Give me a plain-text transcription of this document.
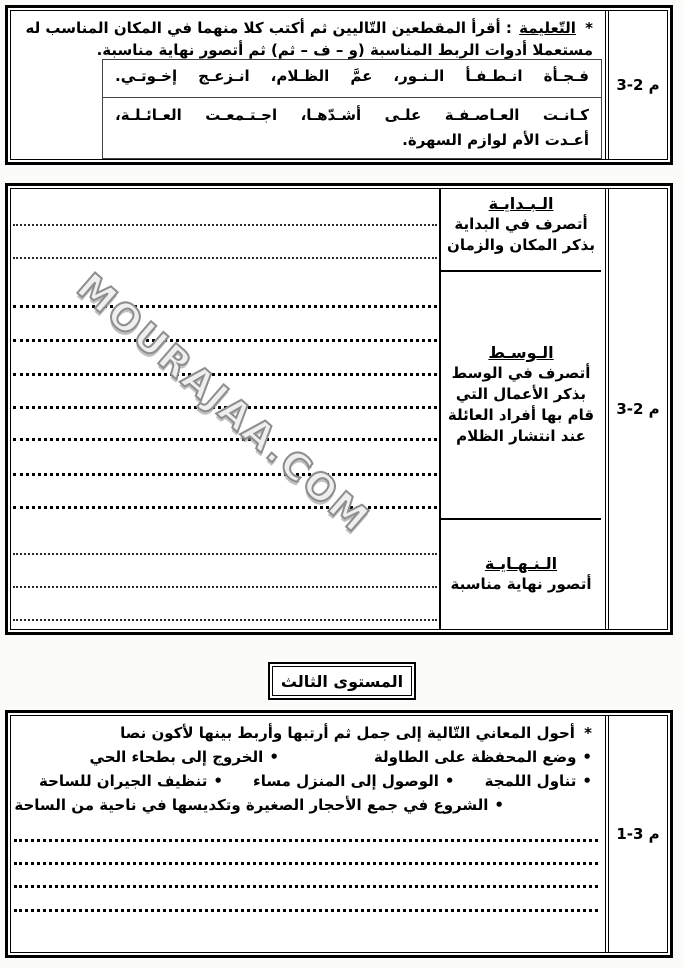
3-2 م
* التّعليمة : أقرأ المقطعين التّاليين ثم أكتب كلا منهما في المكان المناسب له
مستعملا أدوات الربط المناسبة (و – ف – ثم) ثم أتصور نهاية مناسبة.
فـجـأة انـطـفـأ الـنـور، عمَّ الظـلام، انـزعـج إخـوتـي.
كـانـت العـاصـفـة علـى أشـدّهـا، اجـتـمعـت العـائـلـة،
أعـدت الأم لوازم السهرة.
3-2 م
الـبـدايـة
أتصرف في البداية بذكر المكان والزمان
الـوسـط
أتصرف في الوسط بذكر الأعمال التي قام بها أفراد العائلة عند انتشار الظلام
الـنـهـايـة
أتصور نهاية مناسبة
MOURAJAA.COM
المستوى الثالث
1-3 م
* أحول المعاني التّالية إلى جمل ثم أرتبها وأربط بينها لأكون نصا
•وضع المحفظة على الطاولة
•الخروج إلى بطحاء الحي
•تناول اللمجة
•الوصول إلى المنزل مساء
•تنظيف الجيران للساحة
•الشروع في جمع الأحجار الصغيرة وتكديسها في ناحية من الساحة
